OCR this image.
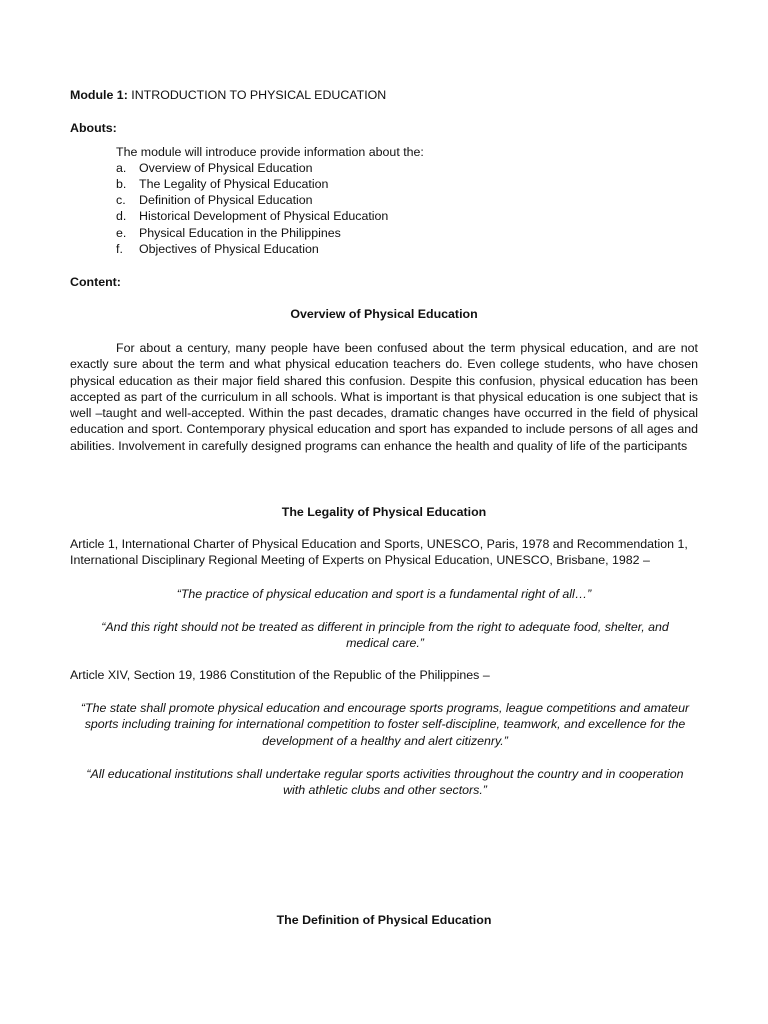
Module 1: INTRODUCTION TO PHYSICAL EDUCATION
Abouts:
The module will introduce provide information about the:
a. Overview of Physical Education
b. The Legality of Physical Education
c. Definition of Physical Education
d. Historical Development of Physical Education
e. Physical Education in the Philippines
f. Objectives of Physical Education
Content:
Overview of Physical Education

For about a century, many people have been confused about the term physical education, and are not exactly sure about the term and what physical education teachers do. Even college students, who have chosen physical education as their major field shared this confusion. Despite this confusion, physical education has been accepted as part of the curriculum in all schools. What is important is that physical education is one subject that is well –taught and well-accepted. Within the past decades, dramatic changes have occurred in the field of physical education and sport. Contemporary physical education and sport has expanded to include persons of all ages and abilities. Involvement in carefully designed programs can enhance the health and quality of life of the participants

The Legality of Physical Education

Article 1, International Charter of Physical Education and Sports, UNESCO, Paris, 1978 and Recommendation 1, International Disciplinary Regional Meeting of Experts on Physical Education, UNESCO, Brisbane, 1982 –

“The practice of physical education and sport is a fundamental right of all…”

“And this right should not be treated as different in principle from the right to adequate food, shelter, and medical care.”

Article XIV, Section 19, 1986 Constitution of the Republic of the Philippines –

“The state shall promote physical education and encourage sports programs, league competitions and amateur sports including training for international competition to foster self-discipline, teamwork, and excellence for the development of a healthy and alert citizenry.”

“All educational institutions shall undertake regular sports activities throughout the country and in cooperation with athletic clubs and other sectors.”

The Definition of Physical Education
